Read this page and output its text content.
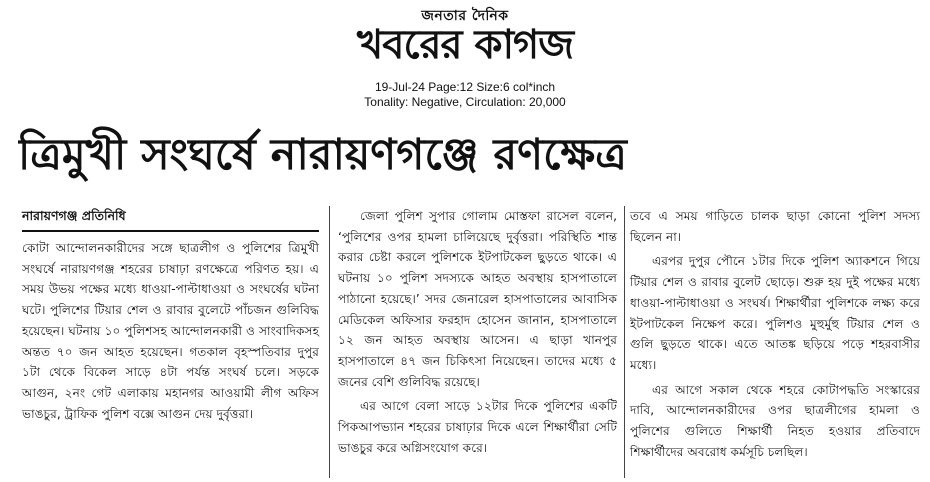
জনতার দৈনিক
খবরের কাগজ
19-Jul-24 Page:12 Size:6 col*inch
Tonality: Negative, Circulation: 20,000
ত্রিমুখী সংঘর্ষে নারায়ণগঞ্জে রণক্ষেত্র
নারায়ণগঞ্জ প্রতিনিধি

কোটা আন্দোলনকারীদের সঙ্গে ছাত্রলীগ ও পুলিশের ত্রিমুখী সংঘর্ষে নারায়ণগঞ্জ শহরের চাষাঢ়া রণক্ষেত্রে পরিণত হয়। এ সময় উভয় পক্ষের মধ্যে ধাওয়া-পাল্টাধাওয়া ও সংঘর্ষের ঘটনা ঘটে। পুলিশের টিয়ার শেল ও রাবার বুলেটে পাঁচজন গুলিবিদ্ধ হয়েছেন। ঘটনায় ১০ পুলিশসহ আন্দোলনকারী ও সাংবাদিকসহ অন্তত ৭০ জন আহত হয়েছেন। গতকাল বৃহস্পতিবার দুপুর ১টা থেকে বিকেল সাড়ে ৪টা পর্যন্ত সংঘর্ষ চলে। সড়কে আগুন, ২নং গেট এলাকায় মহানগর আওয়ামী লীগ অফিস ভাঙচুর, ট্রাফিক পুলিশ বক্সে আগুন দেয় দুর্বৃত্তরা।

জেলা পুলিশ সুপার গোলাম মোস্তফা রাসেল বলেন, ‘পুলিশের ওপর হামলা চালিয়েছে দুর্বৃত্তরা। পরিস্থিতি শান্ত করার চেষ্টা করলে পুলিশকে ইটপাটকেল ছুড়তে থাকে। এ ঘটনায় ১০ পুলিশ সদস্যকে আহত অবস্থায় হাসপাতালে পাঠানো হয়েছে।’ সদর জেনারেল হাসপাতালের আবাসিক মেডিকেল অফিসার ফরহাদ হোসেন জানান, হাসপাতালে ১২ জন আহত অবস্থায় আসেন। এ ছাড়া খানপুর হাসপাতালে ৪৭ জন চিকিৎসা নিয়েছেন। তাদের মধ্যে ৫ জনের বেশি গুলিবিদ্ধ রয়েছে।

এর আগে বেলা সাড়ে ১২টার দিকে পুলিশের একটি পিকআপভ্যান শহরের চাষাঢ়ার দিকে এলে শিক্ষার্থীরা সেটি ভাঙচুর করে অগ্নিসংযোগ করে।

তবে এ সময় গাড়িতে চালক ছাড়া কোনো পুলিশ সদস্য ছিলেন না।

এরপর দুপুর পৌনে ১টার দিকে পুলিশ অ্যাকশনে গিয়ে টিয়ার শেল ও রাবার বুলেট ছোড়ে। শুরু হয় দুই পক্ষের মধ্যে ধাওয়া-পাল্টাধাওয়া ও সংঘর্ষ। শিক্ষার্থীরা পুলিশকে লক্ষ্য করে ইটপাটকেল নিক্ষেপ করে। পুলিশও মুহুর্মুহু টিয়ার শেল ও গুলি ছুড়তে থাকে। এতে আতঙ্ক ছড়িয়ে পড়ে শহরবাসীর মধ্যে।

এর আগে সকাল থেকে শহরে কোটাপদ্ধতি সংস্কারের দাবি, আন্দোলনকারীদের ওপর ছাত্রলীগের হামলা ও পুলিশের গুলিতে শিক্ষার্থী নিহত হওয়ার প্রতিবাদে শিক্ষার্থীদের অবরোধ কর্মসূচি চলছিল।
